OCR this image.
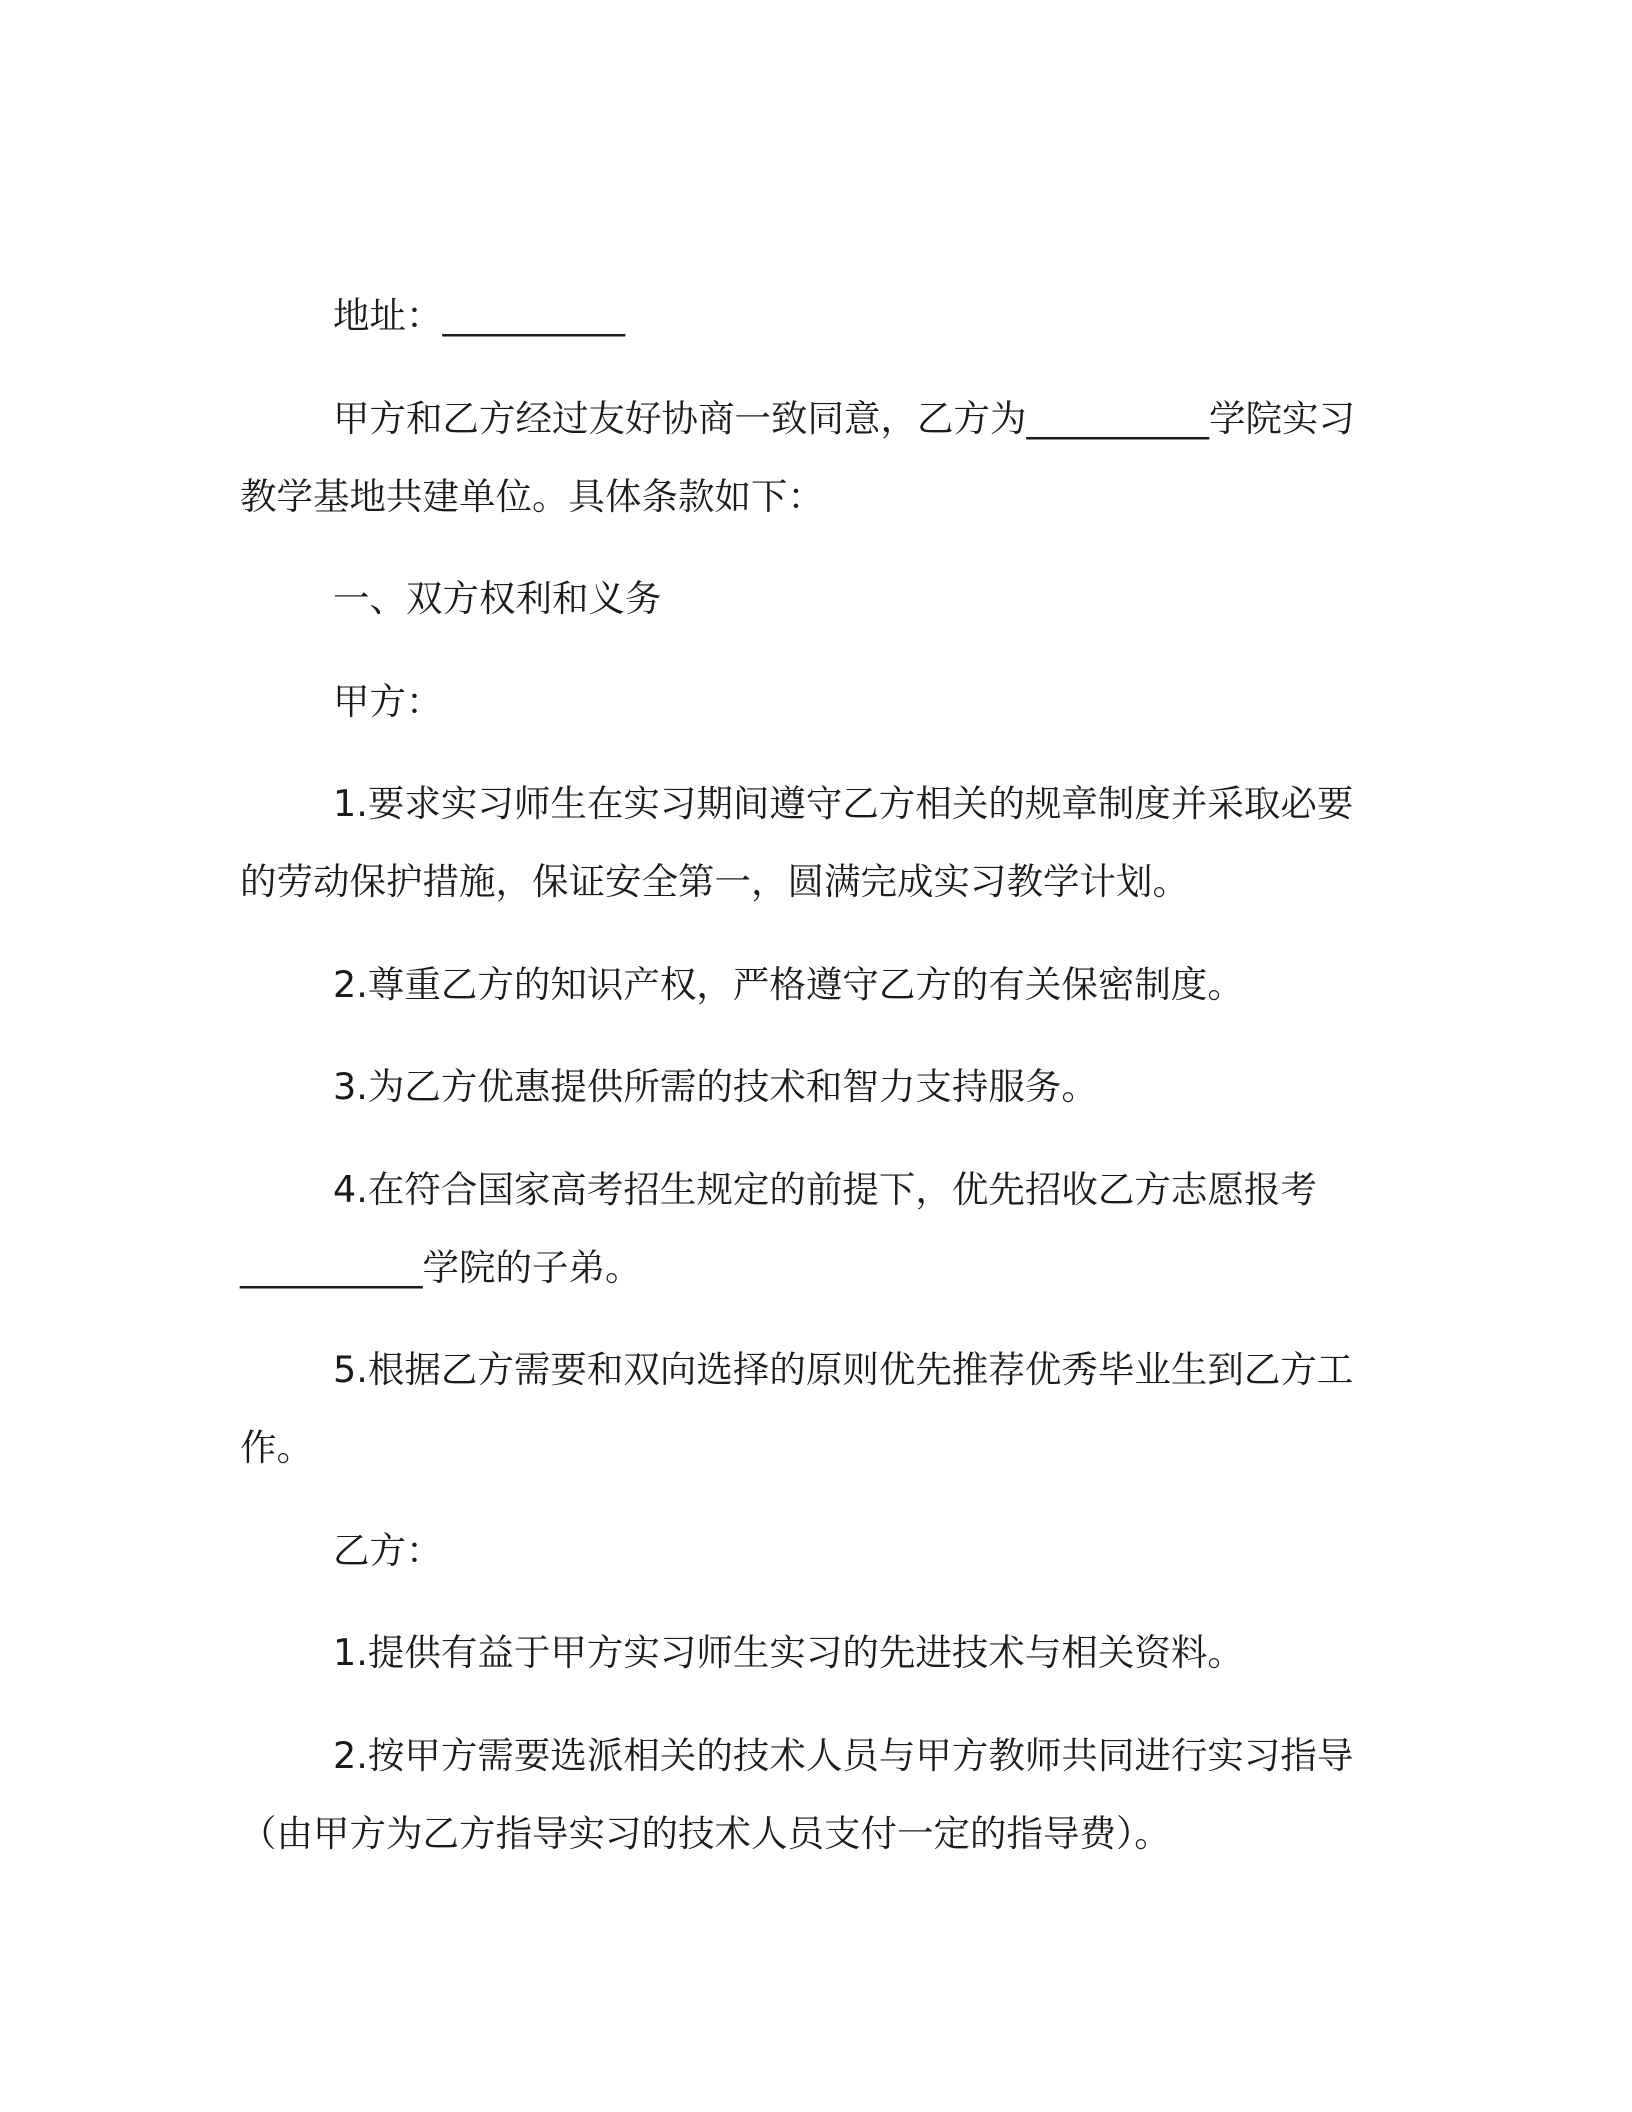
地址：__________

甲方和乙方经过友好协商一致同意，乙方为__________学院实习
教学基地共建单位。具体条款如下：

一、双方权利和义务

甲方：

1.要求实习师生在实习期间遵守乙方相关的规章制度并采取必要
的劳动保护措施，保证安全第一，圆满完成实习教学计划。

2.尊重乙方的知识产权，严格遵守乙方的有关保密制度。

3.为乙方优惠提供所需的技术和智力支持服务。

4.在符合国家高考招生规定的前提下，优先招收乙方志愿报考
__________学院的子弟。

5.根据乙方需要和双向选择的原则优先推荐优秀毕业生到乙方工
作。

乙方：

1.提供有益于甲方实习师生实习的先进技术与相关资料。

2.按甲方需要选派相关的技术人员与甲方教师共同进行实习指导
（由甲方为乙方指导实习的技术人员支付一定的指导费）。
